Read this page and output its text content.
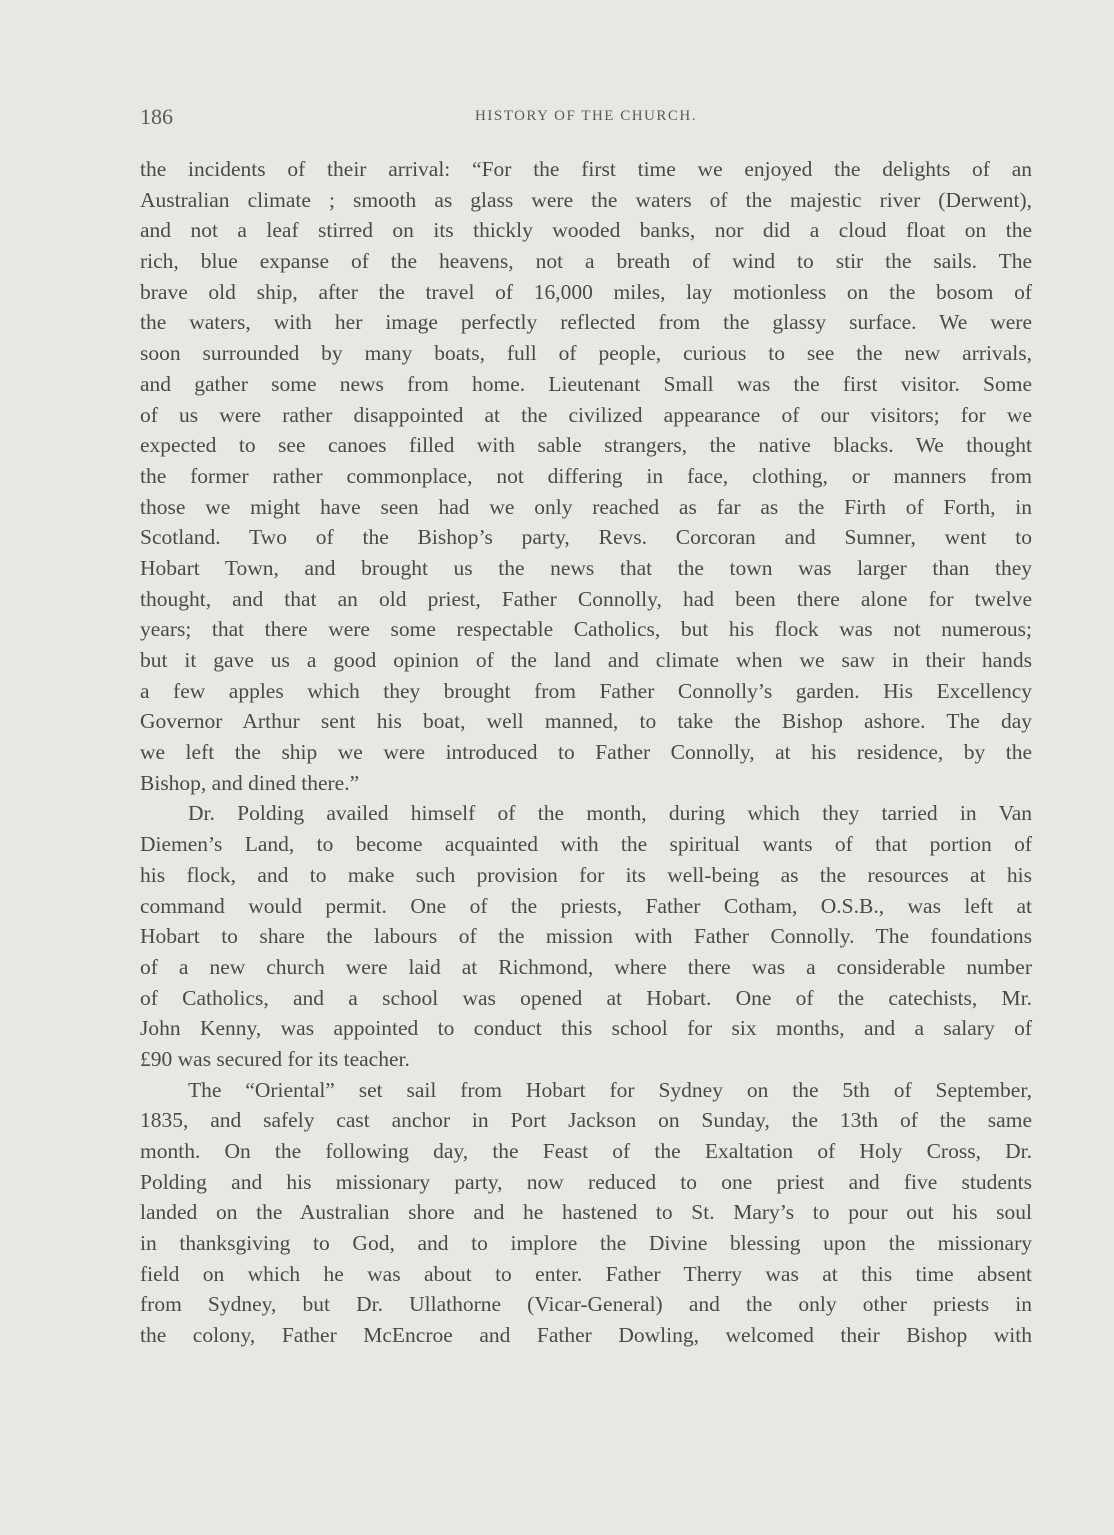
186	HISTORY OF THE CHURCH.
the incidents of their arrival: “For the first time we enjoyed the delights of an
Australian climate ; smooth as glass were the waters of the majestic river (Derwent),
and not a leaf stirred on its thickly wooded banks, nor did a cloud float on the
rich, blue expanse of the heavens, not a breath of wind to stir the sails. The
brave old ship, after the travel of 16,000 miles, lay motionless on the bosom of
the waters, with her image perfectly reflected from the glassy surface. We were
soon surrounded by many boats, full of people, curious to see the new arrivals,
and gather some news from home. Lieutenant Small was the first visitor. Some
of us were rather disappointed at the civilized appearance of our visitors; for we
expected to see canoes filled with sable strangers, the native blacks. We thought
the former rather commonplace, not differing in face, clothing, or manners from
those we might have seen had we only reached as far as the Firth of Forth, in
Scotland. Two of the Bishop’s party, Revs. Corcoran and Sumner, went to
Hobart Town, and brought us the news that the town was larger than they
thought, and that an old priest, Father Connolly, had been there alone for twelve
years; that there were some respectable Catholics, but his flock was not numerous;
but it gave us a good opinion of the land and climate when we saw in their hands
a few apples which they brought from Father Connolly’s garden. His Excellency
Governor Arthur sent his boat, well manned, to take the Bishop ashore. The day
we left the ship we were introduced to Father Connolly, at his residence, by the
Bishop, and dined there.”
Dr. Polding availed himself of the month, during which they tarried in Van
Diemen’s Land, to become acquainted with the spiritual wants of that portion of
his flock, and to make such provision for its well-being as the resources at his
command would permit. One of the priests, Father Cotham, O.S.B., was left at
Hobart to share the labours of the mission with Father Connolly. The foundations
of a new church were laid at Richmond, where there was a considerable number
of Catholics, and a school was opened at Hobart. One of the catechists, Mr.
John Kenny, was appointed to conduct this school for six months, and a salary of
£90 was secured for its teacher.
The “Oriental” set sail from Hobart for Sydney on the 5th of September,
1835, and safely cast anchor in Port Jackson on Sunday, the 13th of the same
month. On the following day, the Feast of the Exaltation of Holy Cross, Dr.
Polding and his missionary party, now reduced to one priest and five students
landed on the Australian shore and he hastened to St. Mary’s to pour out his soul
in thanksgiving to God, and to implore the Divine blessing upon the missionary
field on which he was about to enter. Father Therry was at this time absent
from Sydney, but Dr. Ullathorne (Vicar-General) and the only other priests in
the colony, Father McEncroe and Father Dowling, welcomed their Bishop with
